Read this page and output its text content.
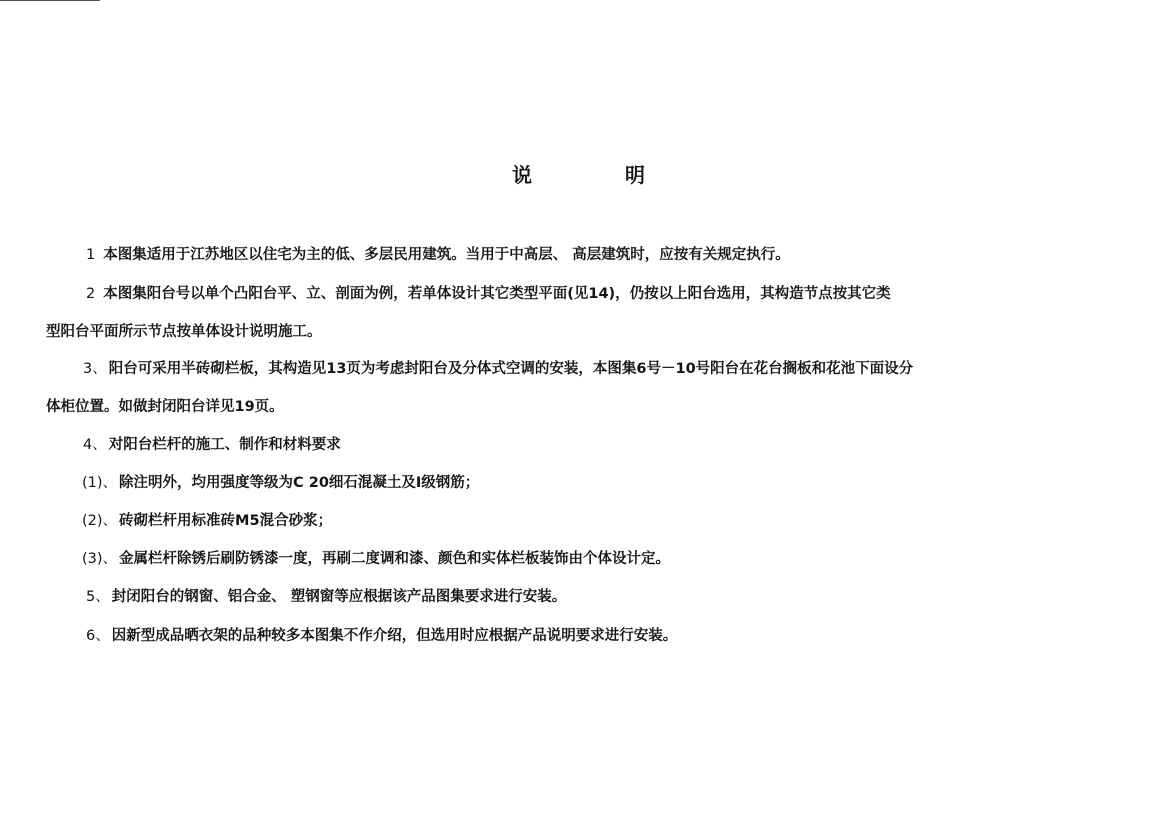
说	明
1 本图集适用于江苏地区以住宅为主的低、多层民用建筑。当用于中高层、 高层建筑时，应按有关规定执行。
2 本图集阳台号以单个凸阳台平、立、剖面为例，若单体设计其它类型平面(见14)，仍按以上阳台选用，其构造节点按其它类
型阳台平面所示节点按单体设计说明施工。
3、 阳台可采用半砖砌栏板，其构造见13页为考虑封阳台及分体式空调的安装，本图集6号－10号阳台在花台搁板和花池下面设分
体柜位置。如做封闭阳台详见19页。
4、 对阳台栏杆的施工、制作和材料要求
(1)、 除注明外，均用强度等级为C 20细石混凝土及Ⅰ级钢筋；
(2)、 砖砌栏杆用标准砖M5混合砂浆；
(3)、 金属栏杆除锈后刷防锈漆一度，再刷二度调和漆、颜色和实体栏板装饰由个体设计定。
5、 封闭阳台的钢窗、铝合金、 塑钢窗等应根据该产品图集要求进行安装。
6、 因新型成品晒衣架的品种较多本图集不作介绍，但选用时应根据产品说明要求进行安装。
